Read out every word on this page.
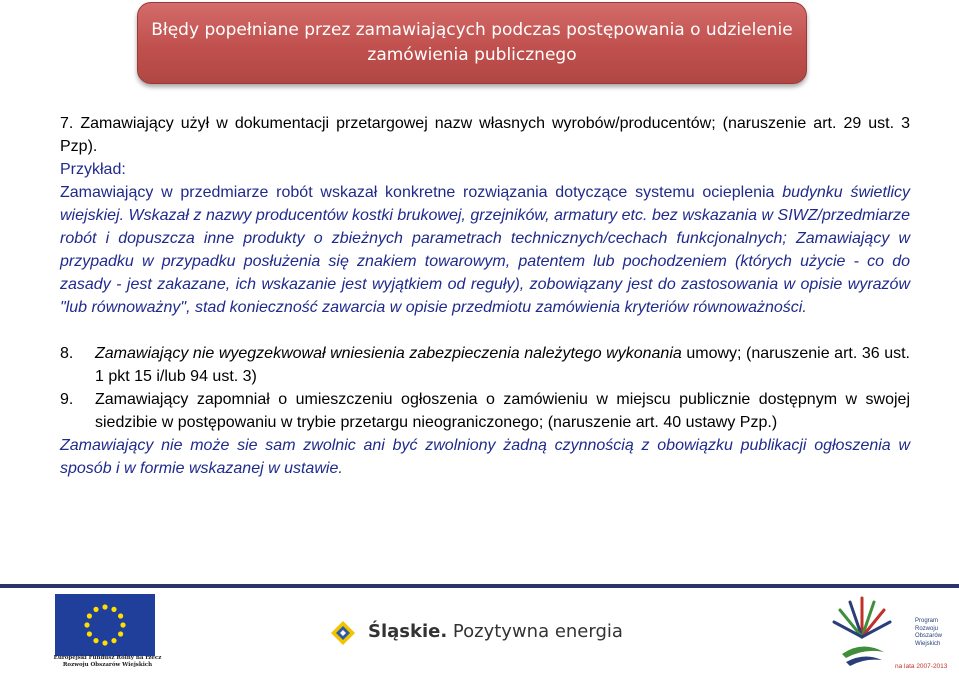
Błędy popełniane przez zamawiających podczas postępowania o udzielenie
zamówienia publicznego
7. Zamawiający użył w dokumentacji przetargowej nazw własnych wyrobów/producentów; (naruszenie art. 29 ust. 3 Pzp).
Przykład:
Zamawiający w przedmiarze robót wskazał konkretne rozwiązania dotyczące systemu ocieplenia budynku świetlicy wiejskiej. Wskazał z nazwy producentów kostki brukowej, grzejników, armatury etc. bez wskazania w SIWZ/przedmiarze robót i dopuszcza inne produkty o zbieżnych parametrach technicznych/cechach funkcjonalnych; Zamawiający w przypadku w przypadku posłużenia się znakiem towarowym, patentem lub pochodzeniem (których użycie - co do zasady - jest zakazane, ich wskazanie jest wyjątkiem od reguły), zobowiązany jest do zastosowania w opisie wyrazów "lub równoważny", stad konieczność zawarcia w opisie przedmiotu zamówienia kryteriów równoważności.
8. Zamawiający nie wyegzekwował wniesienia zabezpieczenia należytego wykonania umowy; (naruszenie art. 36 ust. 1 pkt 15 i/lub 94 ust. 3)
9. Zamawiający zapomniał o umieszczeniu ogłoszenia o zamówieniu w miejscu publicznie dostępnym w swojej siedzibie w postępowaniu w trybie przetargu nieograniczonego; (naruszenie art. 40 ustawy Pzp.)
Zamawiający nie może sie sam zwolnic ani być zwolniony żadną czynnością z obowiązku publikacji ogłoszenia w sposób i w formie wskazanej w ustawie.
Europejski Fundusz Rolny na rzecz Rozwoju Obszarów Wiejskich
Śląskie. Pozytywna energia	Program Rozwoju Obszarów Wiejskich
na lata 2007-2013
